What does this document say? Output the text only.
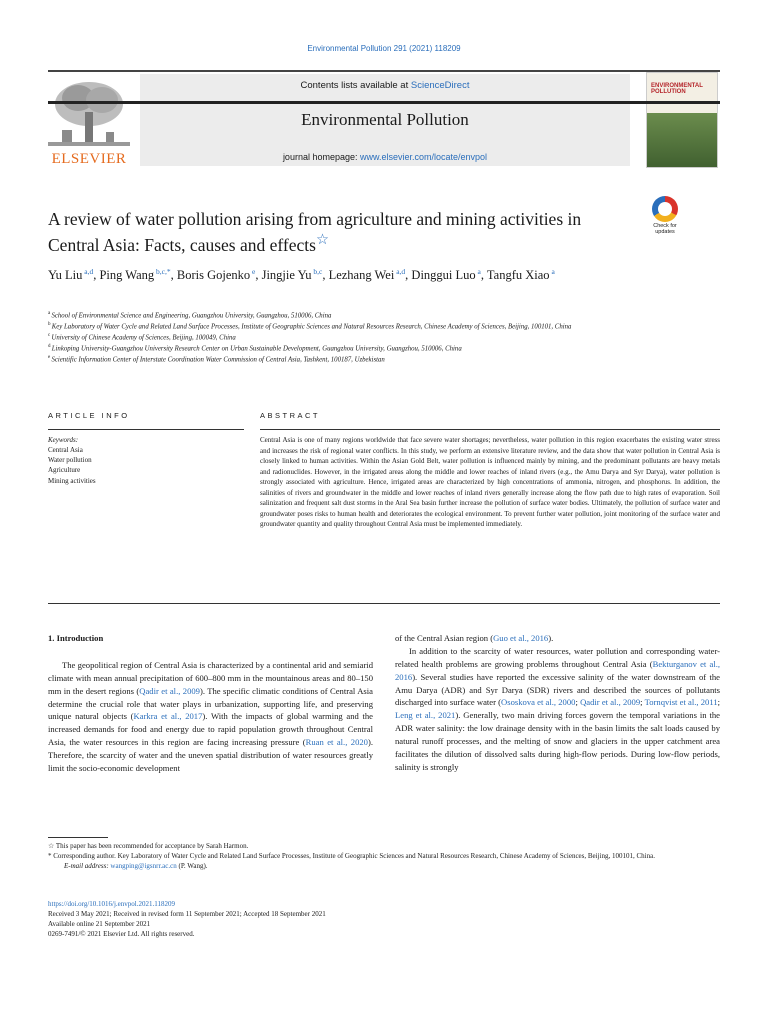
Environmental Pollution 291 (2021) 118209
ELSEVIER
Contents lists available at ScienceDirect
Environmental Pollution
journal homepage: www.elsevier.com/locate/envpol
ENVIRONMENTAL POLLUTION
A review of water pollution arising from agriculture and mining activities in Central Asia: Facts, causes and effects☆
Check for updates
Yu Liu $^{a,d}$, Ping Wang $^{b,c,*}$, Boris Gojenko $^e$, Jingjie Yu $^{b,c}$, Lezhang Wei $^{a,d}$, Dinggui Luo $^a$, Tangfu Xiao $^a$
$^a$ School of Environmental Science and Engineering, Guangzhou University, Guangzhou, 510006, China
$^b$ Key Laboratory of Water Cycle and Related Land Surface Processes, Institute of Geographic Sciences and Natural Resources Research, Chinese Academy of Sciences, Beijing, 100101, China
$^c$ University of Chinese Academy of Sciences, Beijing, 100049, China
$^d$ Linkoping University-Guangzhou University Research Center on Urban Sustainable Development, Guangzhou University, Guangzhou, 510006, China
$^e$ Scientific Information Center of Interstate Coordination Water Commission of Central Asia, Tashkent, 100187, Uzbekistan
ARTICLE INFO	ABSTRACT
Keywords:
Central Asia
Water pollution
Agriculture
Mining activities
Central Asia is one of many regions worldwide that face severe water shortages; nevertheless, water pollution in this region exacerbates the existing water stress and increases the risk of regional water conflicts. In this study, we perform an extensive literature review, and the data show that water pollution in Central Asia is closely linked to human activities. Within the Asian Gold Belt, water pollution is influenced mainly by mining, and the predominant pollutants are heavy metals and radionuclides. However, in the irrigated areas along the middle and lower reaches of inland rivers (e.g., the Amu Darya and Syr Darya), water pollution is strongly associated with agriculture. Hence, irrigated areas are characterized by high concentrations of ammonia, nitrogen, and phosphorus. In addition, the salinities of rivers and groundwater in the middle and lower reaches of inland rivers generally increase along the flow path due to high rates of evaporation. Soil salinization and frequent salt dust storms in the Aral Sea basin further increase the pollution of surface water bodies. Ultimately, the pollution of surface water and groundwater poses risks to human health and deteriorates the ecological environment. To prevent further water pollution, joint monitoring of the surface water and groundwater quantity and quality throughout Central Asia must be implemented immediately.
1. Introduction

The geopolitical region of Central Asia is characterized by a continental arid and semiarid climate with mean annual precipitation of 600–800 mm in the mountainous areas and 80–150 mm in the desert regions (Qadir et al., 2009). The specific climatic conditions of Central Asia determine the crucial role that water plays in urbanization, supporting life, and preserving unique natural objects (Karkra et al., 2017). With the impacts of global warming and the increased demands for food and energy due to rapid population growth throughout Central Asia, the water resources in this region are facing increasing pressure (Ruan et al., 2020). Therefore, the scarcity of water and the uneven spatial distribution of water resources greatly limit the socio-economic development

of the Central Asian region (Guo et al., 2016).

In addition to the scarcity of water resources, water pollution and corresponding water-related health problems are growing problems throughout Central Asia (Bekturganov et al., 2016). Several studies have reported the excessive salinity of the water downstream of the Amu Darya (ADR) and Syr Darya (SDR) rivers and described the sources of pollutants discharged into surface water (Ososkova et al., 2000; Qadir et al., 2009; Tornqvist et al., 2011; Leng et al., 2021). Generally, two main driving forces govern the temporal variations in the ADR water salinity: the low drainage density with in the basin limits the salt loads caused by natural runoff processes, and the melting of snow and glaciers in the upper catchment area facilitates the dilution of dissolved salts during high-flow periods. During low-flow periods, salinity is strongly

☆ This paper has been recommended for acceptance by Sarah Harmon.
* Corresponding author. Key Laboratory of Water Cycle and Related Land Surface Processes, Institute of Geographic Sciences and Natural Resources Research, Chinese Academy of Sciences, Beijing, 100101, China.
E-mail address: wangping@igsnrr.ac.cn (P. Wang).
https://doi.org/10.1016/j.envpol.2021.118209
Received 3 May 2021; Received in revised form 11 September 2021; Accepted 18 September 2021
Available online 21 September 2021
0269-7491/© 2021 Elsevier Ltd. All rights reserved.
